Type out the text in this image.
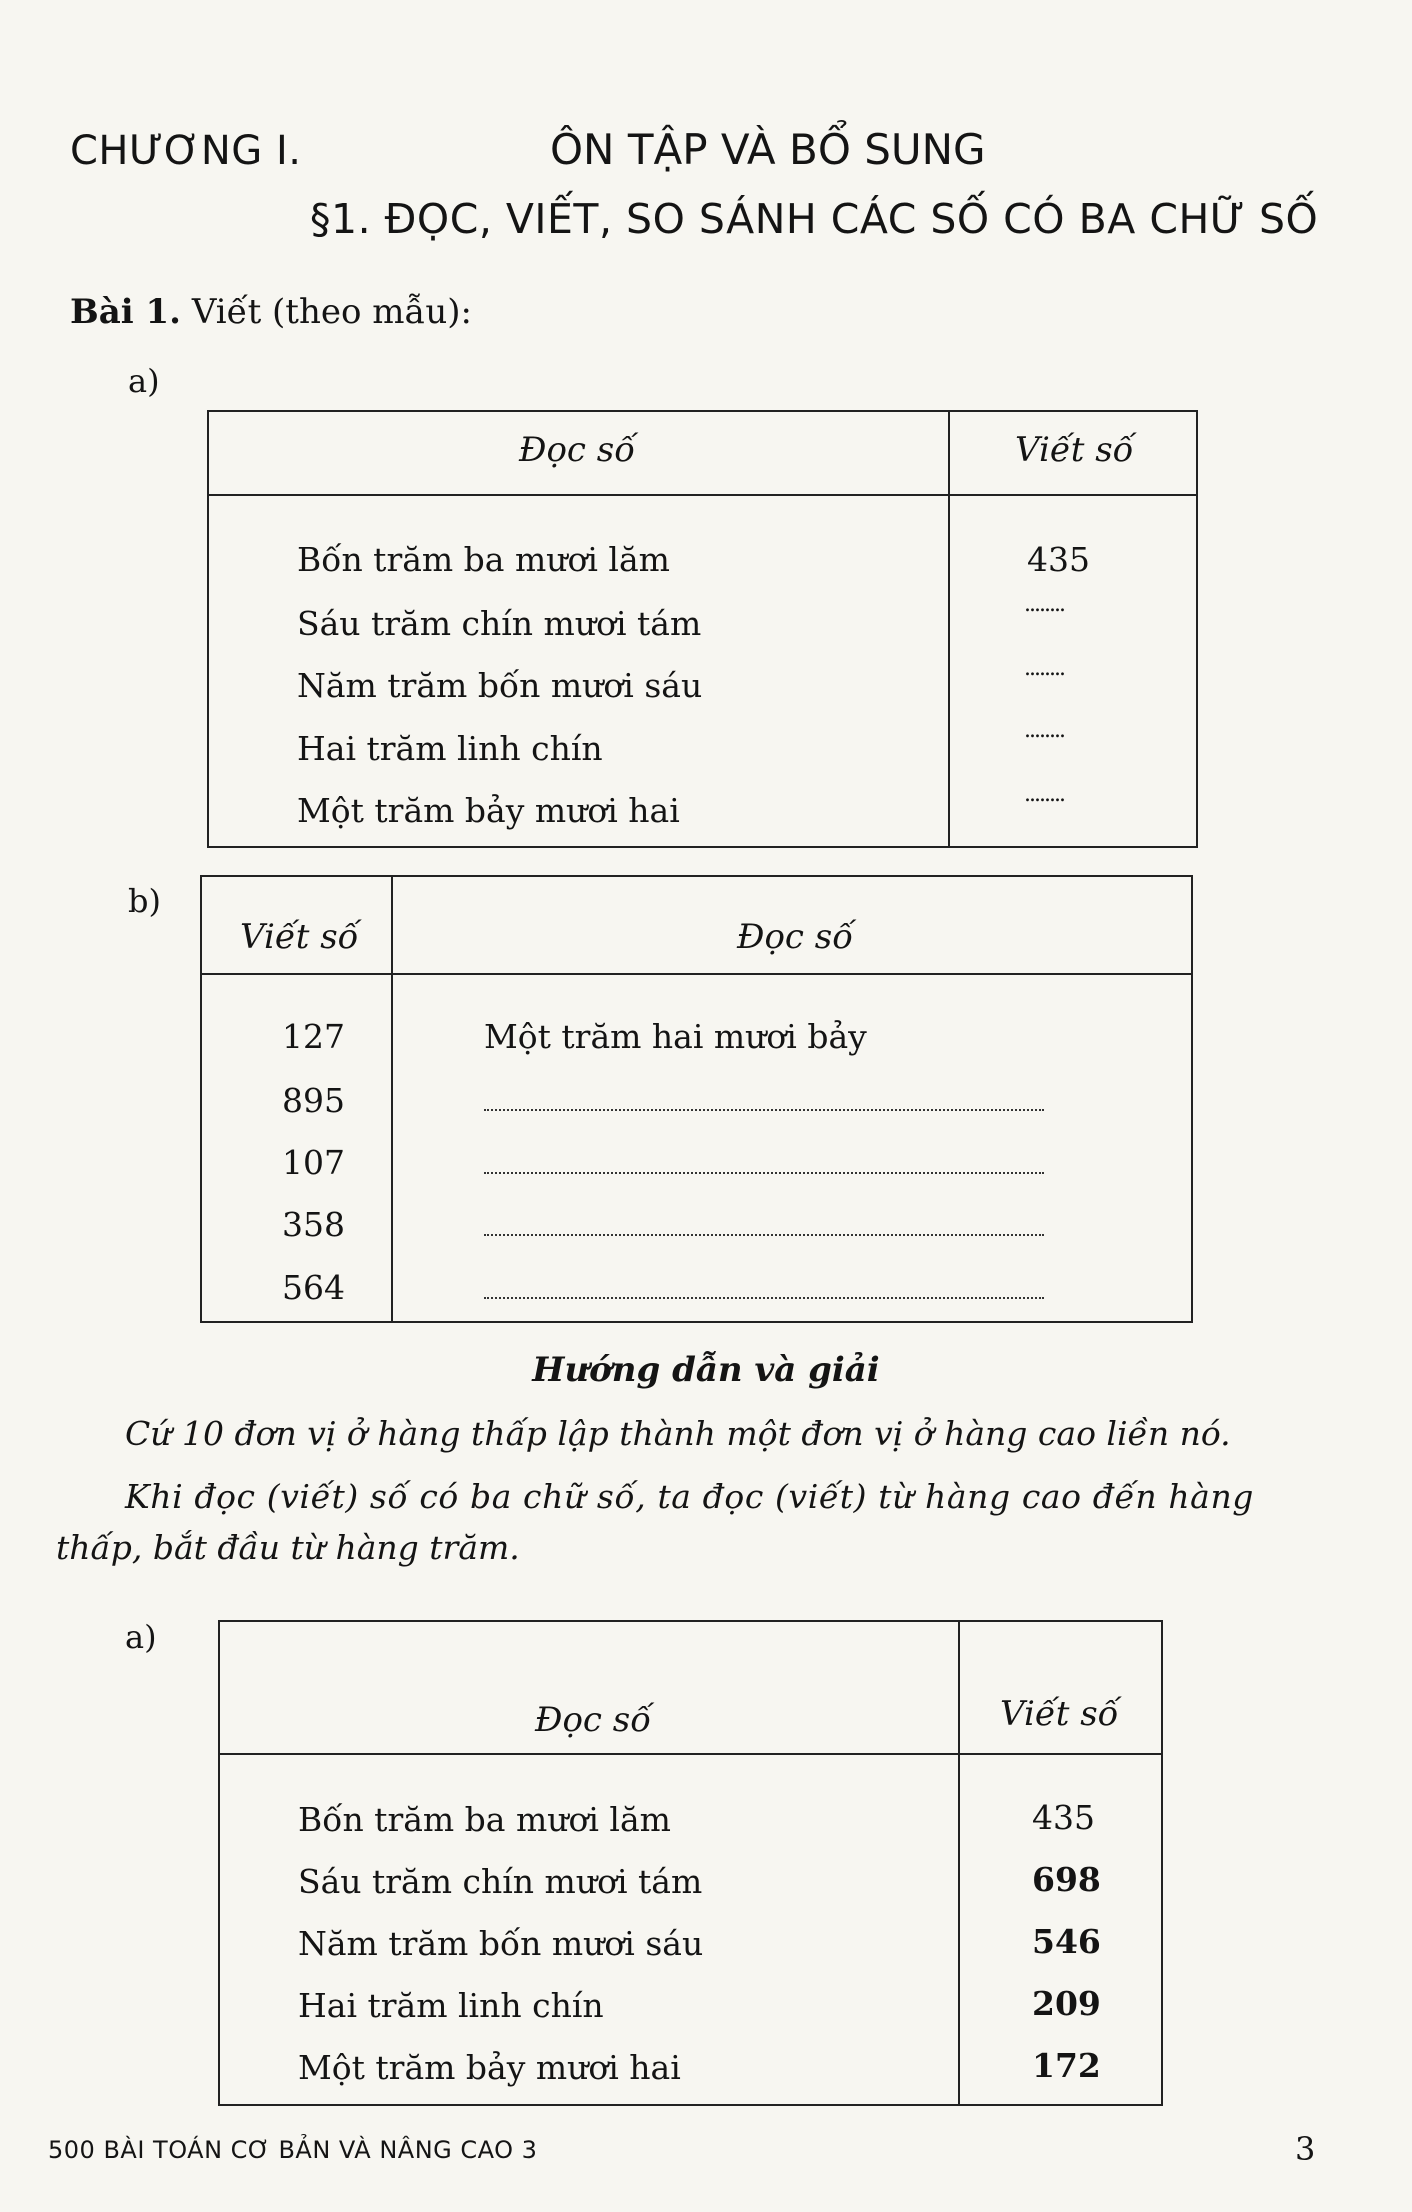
CHƯƠNG I.	ÔN TẬP VÀ BỔ SUNG
§1. ĐỌC, VIẾT, SO SÁNH CÁC SỐ CÓ BA CHỮ SỐ
Bài 1. Viết (theo mẫu):
a)
Đọc số	Viết số
Bốn trăm ba mươi lăm	435
Sáu trăm chín mươi tám	........
Năm trăm bốn mươi sáu	........
Hai trăm linh chín	........
Một trăm bảy mươi hai	........
b)
Viết số	Đọc số
127	Một trăm hai mươi bảy
895
107
358
564
Hướng dẫn và giải
Cứ 10 đơn vị ở hàng thấp lập thành một đơn vị ở hàng cao liền nó.
Khi đọc (viết) số có ba chữ số, ta đọc (viết) từ hàng cao đến hàng
thấp, bắt đầu từ hàng trăm.
a)
Đọc số	Viết số
Bốn trăm ba mươi lăm	435
Sáu trăm chín mươi tám	698
Năm trăm bốn mươi sáu	546
Hai trăm linh chín	209
Một trăm bảy mươi hai	172
500 BÀI TOÁN CƠ BẢN VÀ NÂNG CAO 3	3
